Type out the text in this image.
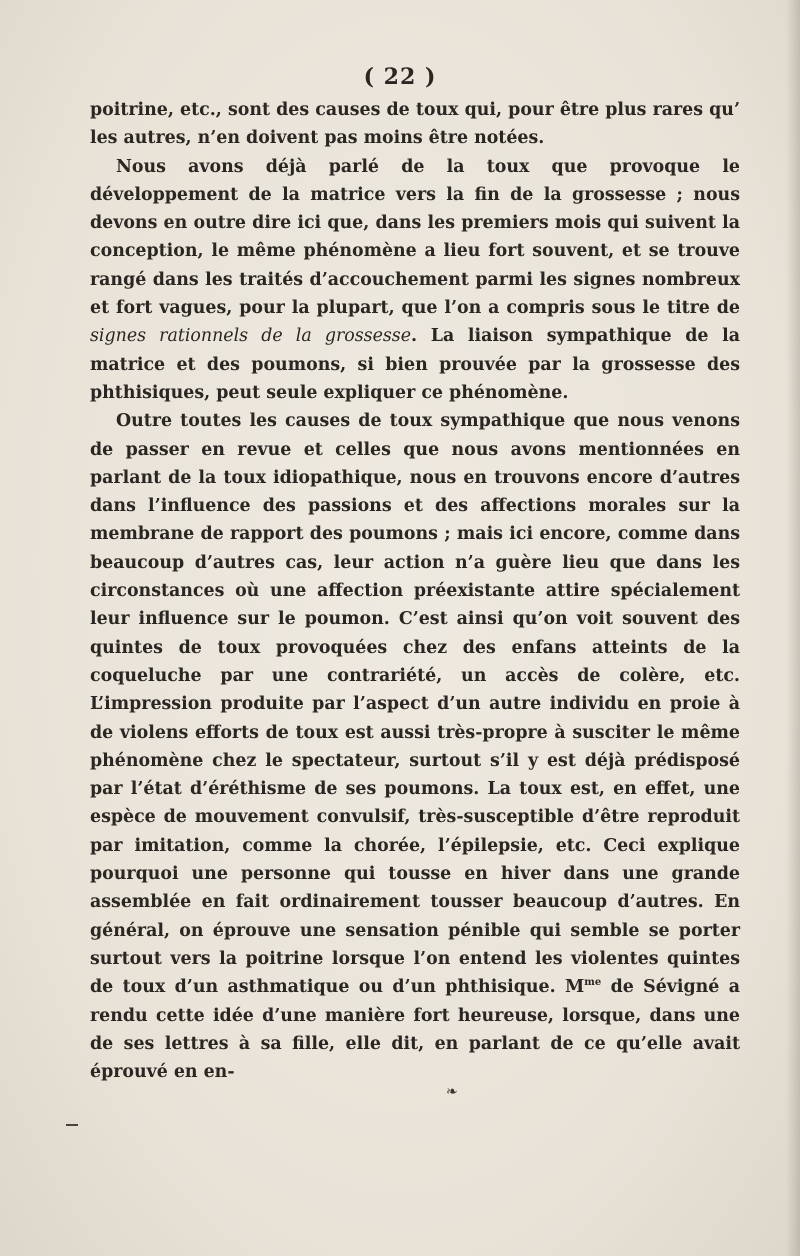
( 22 )

poitrine, etc., sont des causes de toux qui, pour être plus rares qu’ les autres, n’en doivent pas moins être notées.

Nous avons déjà parlé de la toux que provoque le développement de la matrice vers la fin de la grossesse ; nous devons en outre dire ici que, dans les premiers mois qui suivent la conception, le même phénomène a lieu fort souvent, et se trouve rangé dans les traités d’accouchement parmi les signes nombreux et fort vagues, pour la plupart, que l’on a compris sous le titre de signes rationnels de la grossesse. La liaison sympathique de la matrice et des poumons, si bien prouvée par la grossesse des phthisiques, peut seule expliquer ce phénomène.

Outre toutes les causes de toux sympathique que nous venons de passer en revue et celles que nous avons mentionnées en parlant de la toux idiopathique, nous en trouvons encore d’autres dans l’influence des passions et des affections morales sur la membrane de rapport des poumons ; mais ici encore, comme dans beaucoup d’autres cas, leur action n’a guère lieu que dans les circonstances où une affection préexistante attire spécialement leur influence sur le poumon. C’est ainsi qu’on voit souvent des quintes de toux provoquées chez des enfans atteints de la coqueluche par une contrariété, un accès de colère, etc. L’impression produite par l’aspect d’un autre individu en proie à de violens efforts de toux est aussi très-propre à susciter le même phénomène chez le spectateur, surtout s’il y est déjà prédisposé par l’état d’éréthisme de ses poumons. La toux est, en effet, une espèce de mouvement convulsif, très-susceptible d’être reproduit par imitation, comme la chorée, l’épilepsie, etc. Ceci explique pourquoi une personne qui tousse en hiver dans une grande assemblée en fait ordinairement tousser beaucoup d’autres. En général, on éprouve une sensation pénible qui semble se porter surtout vers la poitrine lorsque l’on entend les violentes quintes de toux d’un asthmatique ou d’un phthisique. $M^{me}$ de Sévigné a rendu cette idée d’une manière fort heureuse, lorsque, dans une de ses lettres à sa fille, elle dit, en parlant de ce qu’elle avait éprouvé en en-

❧
